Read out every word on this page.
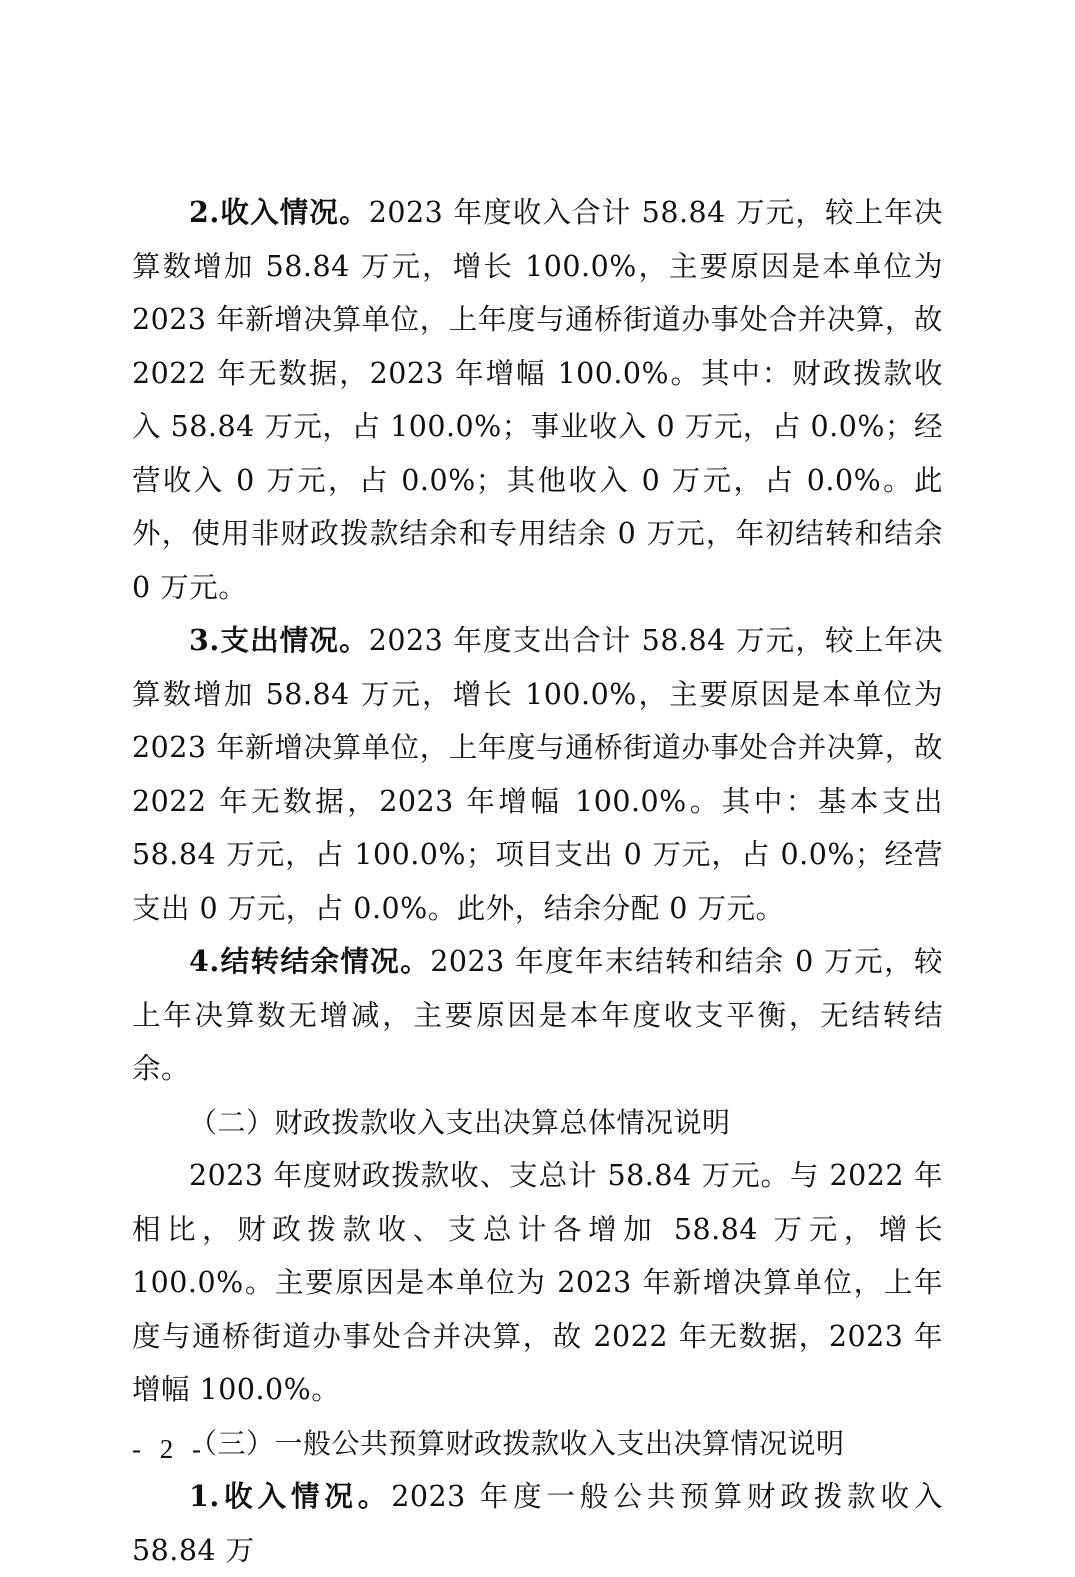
2.收入情况。2023 年度收入合计 58.84 万元，较上年决算数增加 58.84 万元，增长 100.0%，主要原因是本单位为 2023 年新增决算单位，上年度与通桥街道办事处合并决算，故 2022 年无数据，2023 年增幅 100.0%。其中：财政拨款收入 58.84 万元，占 100.0%；事业收入 0 万元，占 0.0%；经营收入 0 万元，占 0.0%；其他收入 0 万元，占 0.0%。此外，使用非财政拨款结余和专用结余 0 万元，年初结转和结余 0 万元。

3.支出情况。2023 年度支出合计 58.84 万元，较上年决算数增加 58.84 万元，增长 100.0%，主要原因是本单位为 2023 年新增决算单位，上年度与通桥街道办事处合并决算，故 2022 年无数据，2023 年增幅 100.0%。其中：基本支出 58.84 万元，占 100.0%；项目支出 0 万元，占 0.0%；经营支出 0 万元，占 0.0%。此外，结余分配 0 万元。

4.结转结余情况。2023 年度年末结转和结余 0 万元，较上年决算数无增减，主要原因是本年度收支平衡，无结转结余。

（二）财政拨款收入支出决算总体情况说明

2023 年度财政拨款收、支总计 58.84 万元。与 2022 年相比，财政拨款收、支总计各增加 58.84 万元，增长 100.0%。主要原因是本单位为 2023 年新增决算单位，上年度与通桥街道办事处合并决算，故 2022 年无数据，2023 年增幅 100.0%。

（三）一般公共预算财政拨款收入支出决算情况说明

1.收入情况。2023 年度一般公共预算财政拨款收入 58.84 万

- 2 -
